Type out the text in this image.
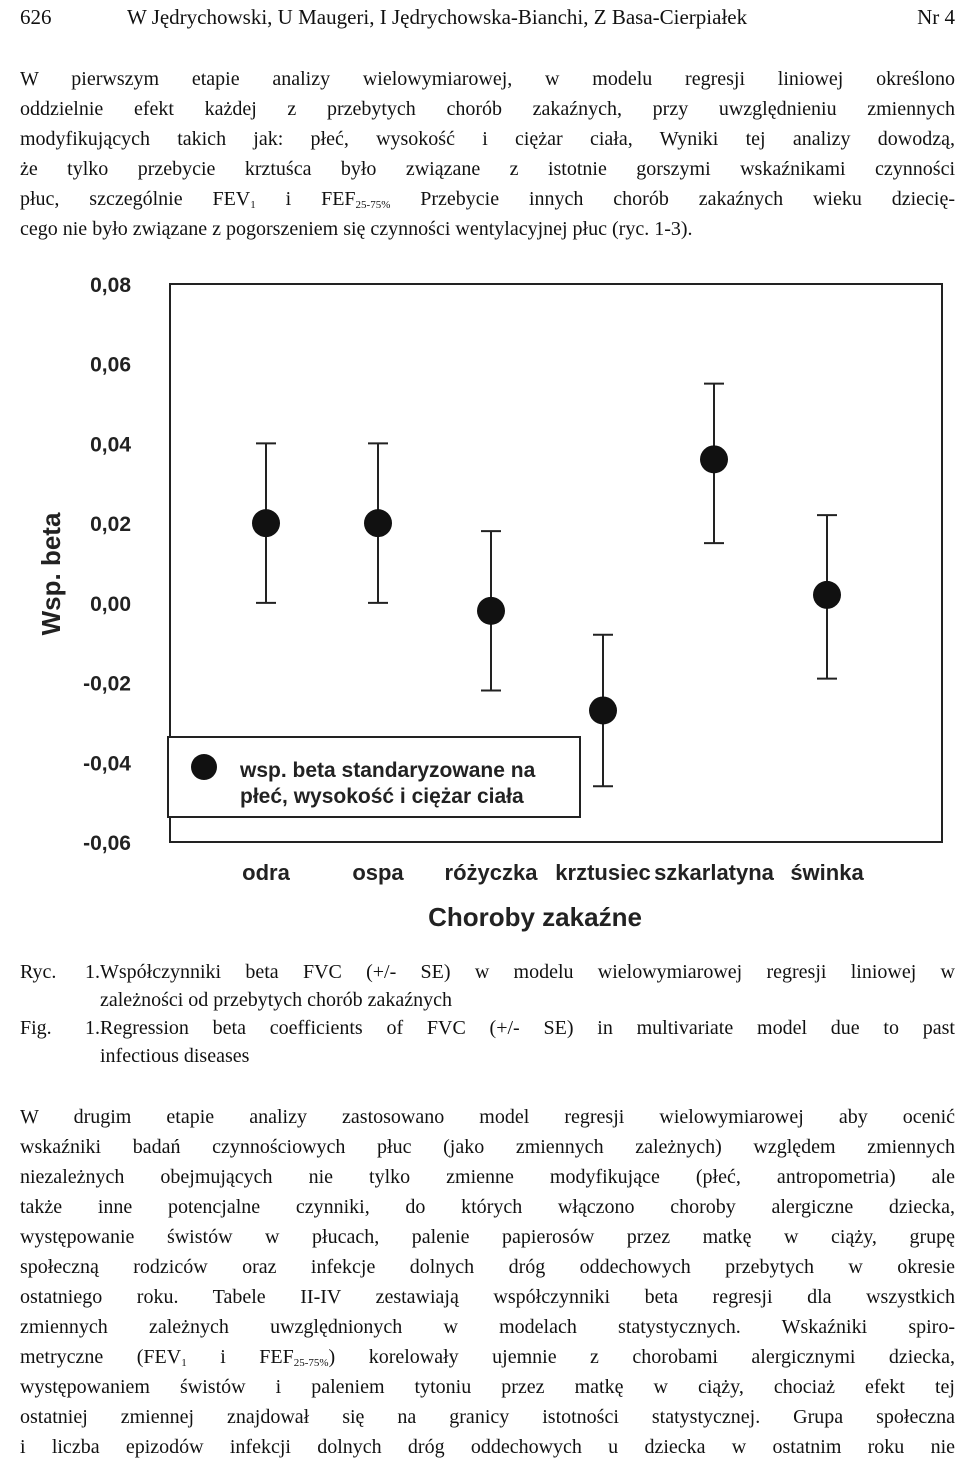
626	W Jędrychowski, U Maugeri, I Jędrychowska-Bianchi, Z Basa-Cierpiałek	Nr 4
W pierwszym etapie analizy wielowymiarowej, w modelu regresji liniowej określono
oddzielnie efekt każdej z przebytych chorób zakaźnych, przy uwzględnieniu zmiennych
modyfikujących takich jak: płeć, wysokość i ciężar ciała, Wyniki tej analizy dowodzą,
że tylko przebycie krztuśca było związane z istotnie gorszymi wskaźnikami czynności
płuc, szczególnie $FEV_1$ i $FEF_{25-75\%}$ Przebycie innych chorób zakaźnych wieku dziecię-
cego nie było związane z pogorszeniem się czynności wentylacyjnej płuc (ryc. 1-3).
0,08
0,06
0,04
0,02
0,00
-0,02
-0,04
-0,06
odra	ospa różyczka krztusiec szkarlatyna świnka
Wsp. beta
Choroby zakaźne
wsp. beta standaryzowane na
płeć, wysokość i ciężar ciała
Ryc. 1.Współczynniki beta FVC (+/- SE) w modelu wielowymiarowej regresji liniowej w
zależności od przebytych chorób zakaźnych
Fig. 1.Regression beta coefficients of FVC (+/- SE) in multivariate model due to past
infectious diseases
W drugim etapie analizy zastosowano model regresji wielowymiarowej aby ocenić
wskaźniki badań czynnościowych płuc (jako zmiennych zależnych) względem zmiennych
niezależnych obejmujących nie tylko zmienne modyfikujące (płeć, antropometria) ale
także inne potencjalne czynniki, do których włączono choroby alergiczne dziecka,
występowanie świstów w płucach, palenie papierosów przez matkę w ciąży, grupę
społeczną rodziców oraz infekcje dolnych dróg oddechowych przebytych w okresie
ostatniego roku. Tabele II-IV zestawiają współczynniki beta regresji dla wszystkich
zmiennych zależnych uwzględnionych w modelach statystycznych. Wskaźniki spiro-
metryczne ($FEV_1$ i $FEF_{25-75\%}$) korelowały ujemnie z chorobami alergicznymi dziecka,
występowaniem świstów i paleniem tytoniu przez matkę w ciąży, chociaż efekt tej
ostatniej zmiennej znajdował się na granicy istotności statystycznej. Grupa społeczna
i liczba epizodów infekcji dolnych dróg oddechowych u dziecka w ostatnim roku nie
